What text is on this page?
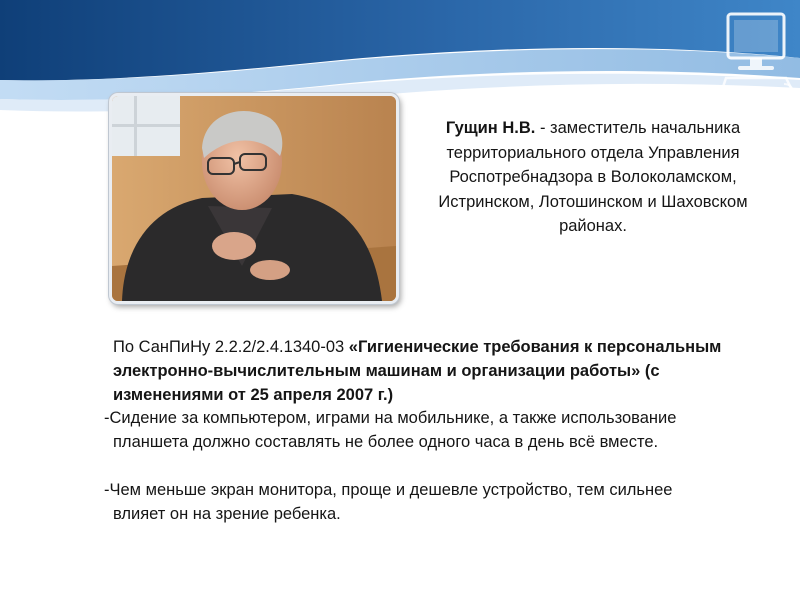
Гущин Н.В. - заместитель начальника территориального отдела Управления Роспотребнадзора в Волоколамском, Истринском, Лотошинском и Шаховском районах.

По СанПиНу 2.2.2/2.4.1340-03 «Гигиенические требования к персональным электронно-вычислительным машинам и организации работы» (с изменениями от 25 апреля 2007 г.)

-Сидение за компьютером, играми на мобильнике, а также использование планшета должно составлять не более одного часа в день всё вместе.

-Чем меньше экран монитора, проще и дешевле устройство, тем сильнее влияет он на зрение ребенка.
